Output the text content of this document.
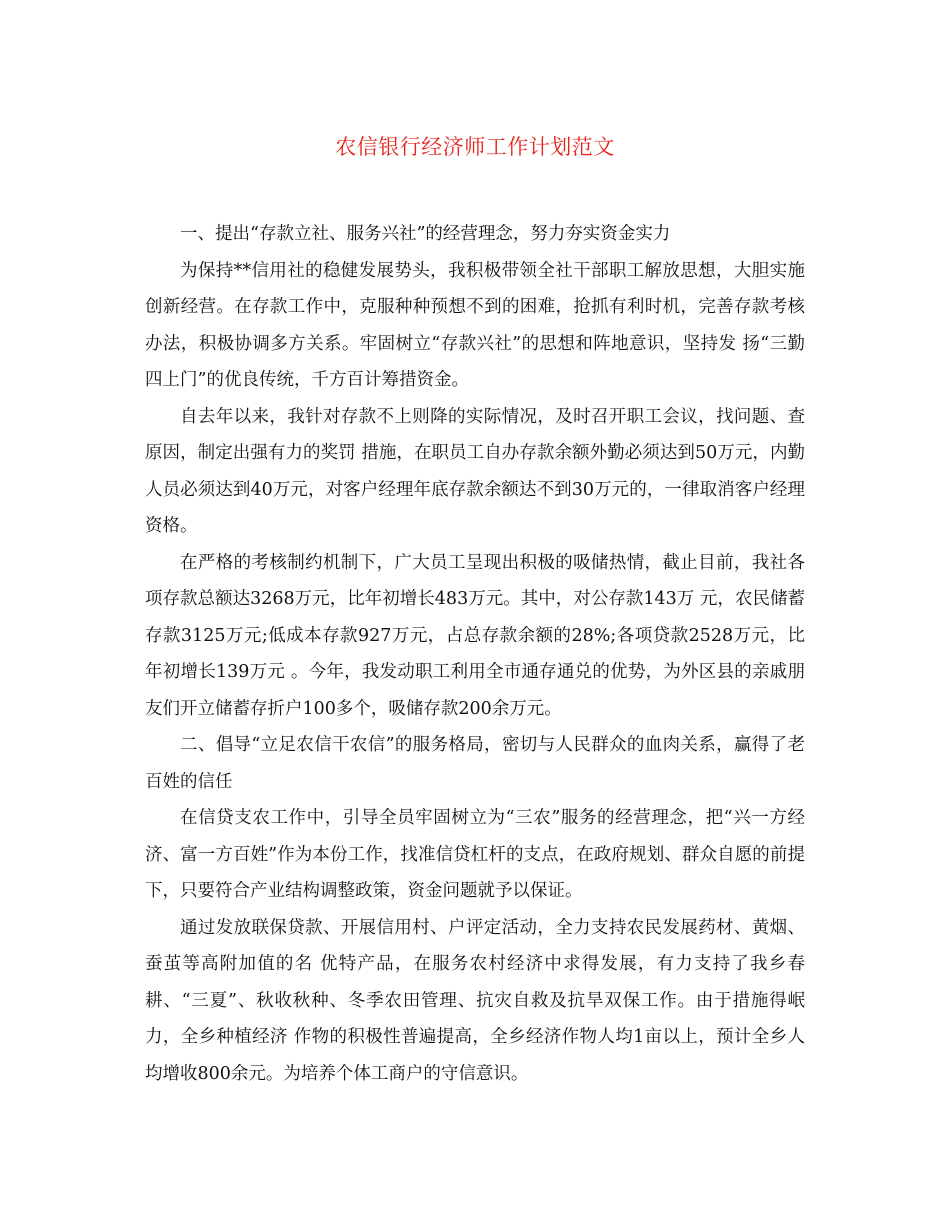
农信银行经济师工作计划范文

一、提出“存款立社、服务兴社”的经营理念，努力夯实资金实力

为保持**信用社的稳健发展势头，我积极带领全社干部职工解放思想，大胆实施 创新经营。在存款工作中，克服种种预想不到的困难，抢抓有利时机，完善存款考核办法，积极协调多方关系。牢固树立“存款兴社”的思想和阵地意识，坚持发 扬“三勤四上门”的优良传统，千方百计筹措资金。

自去年以来，我针对存款不上则降的实际情况，及时召开职工会议，找问题、查原因，制定出强有力的奖罚 措施，在职员工自办存款余额外勤必须达到50万元，内勤人员必须达到40万元，对客户经理年底存款余额达不到30万元的，一律取消客户经理资格。

在严格的考核制约机制下，广大员工呈现出积极的吸储热情，截止目前，我社各项存款总额达3268万元，比年初增长483万元。其中，对公存款143万 元，农民储蓄存款3125万元;低成本存款927万元，占总存款余额的28%;各项贷款2528万元，比年初增长139万元 。今年，我发动职工利用全市通存通兑的优势，为外区县的亲戚朋友们开立储蓄存折户100多个，吸储存款200余万元。

二、倡导“立足农信干农信”的服务格局，密切与人民群众的血肉关系，赢得了老百姓的信任

在信贷支农工作中，引导全员牢固树立为“三农”服务的经营理念，把“兴一方经济、富一方百姓”作为本份工作，找准信贷杠杆的支点，在政府规划、群众自愿的前提下，只要符合产业结构调整政策，资金问题就予以保证。

通过发放联保贷款、开展信用村、户评定活动，全力支持农民发展药材、黄烟、蚕茧等高附加值的名 优特产品，在服务农村经济中求得发展，有力支持了我乡春耕、“三夏”、秋收秋种、冬季农田管理、抗灾自救及抗旱双保工作。由于措施得岷力，全乡种植经济 作物的积极性普遍提高，全乡经济作物人均1亩以上，预计全乡人均增收800余元。为培养个体工商户的守信意识。
